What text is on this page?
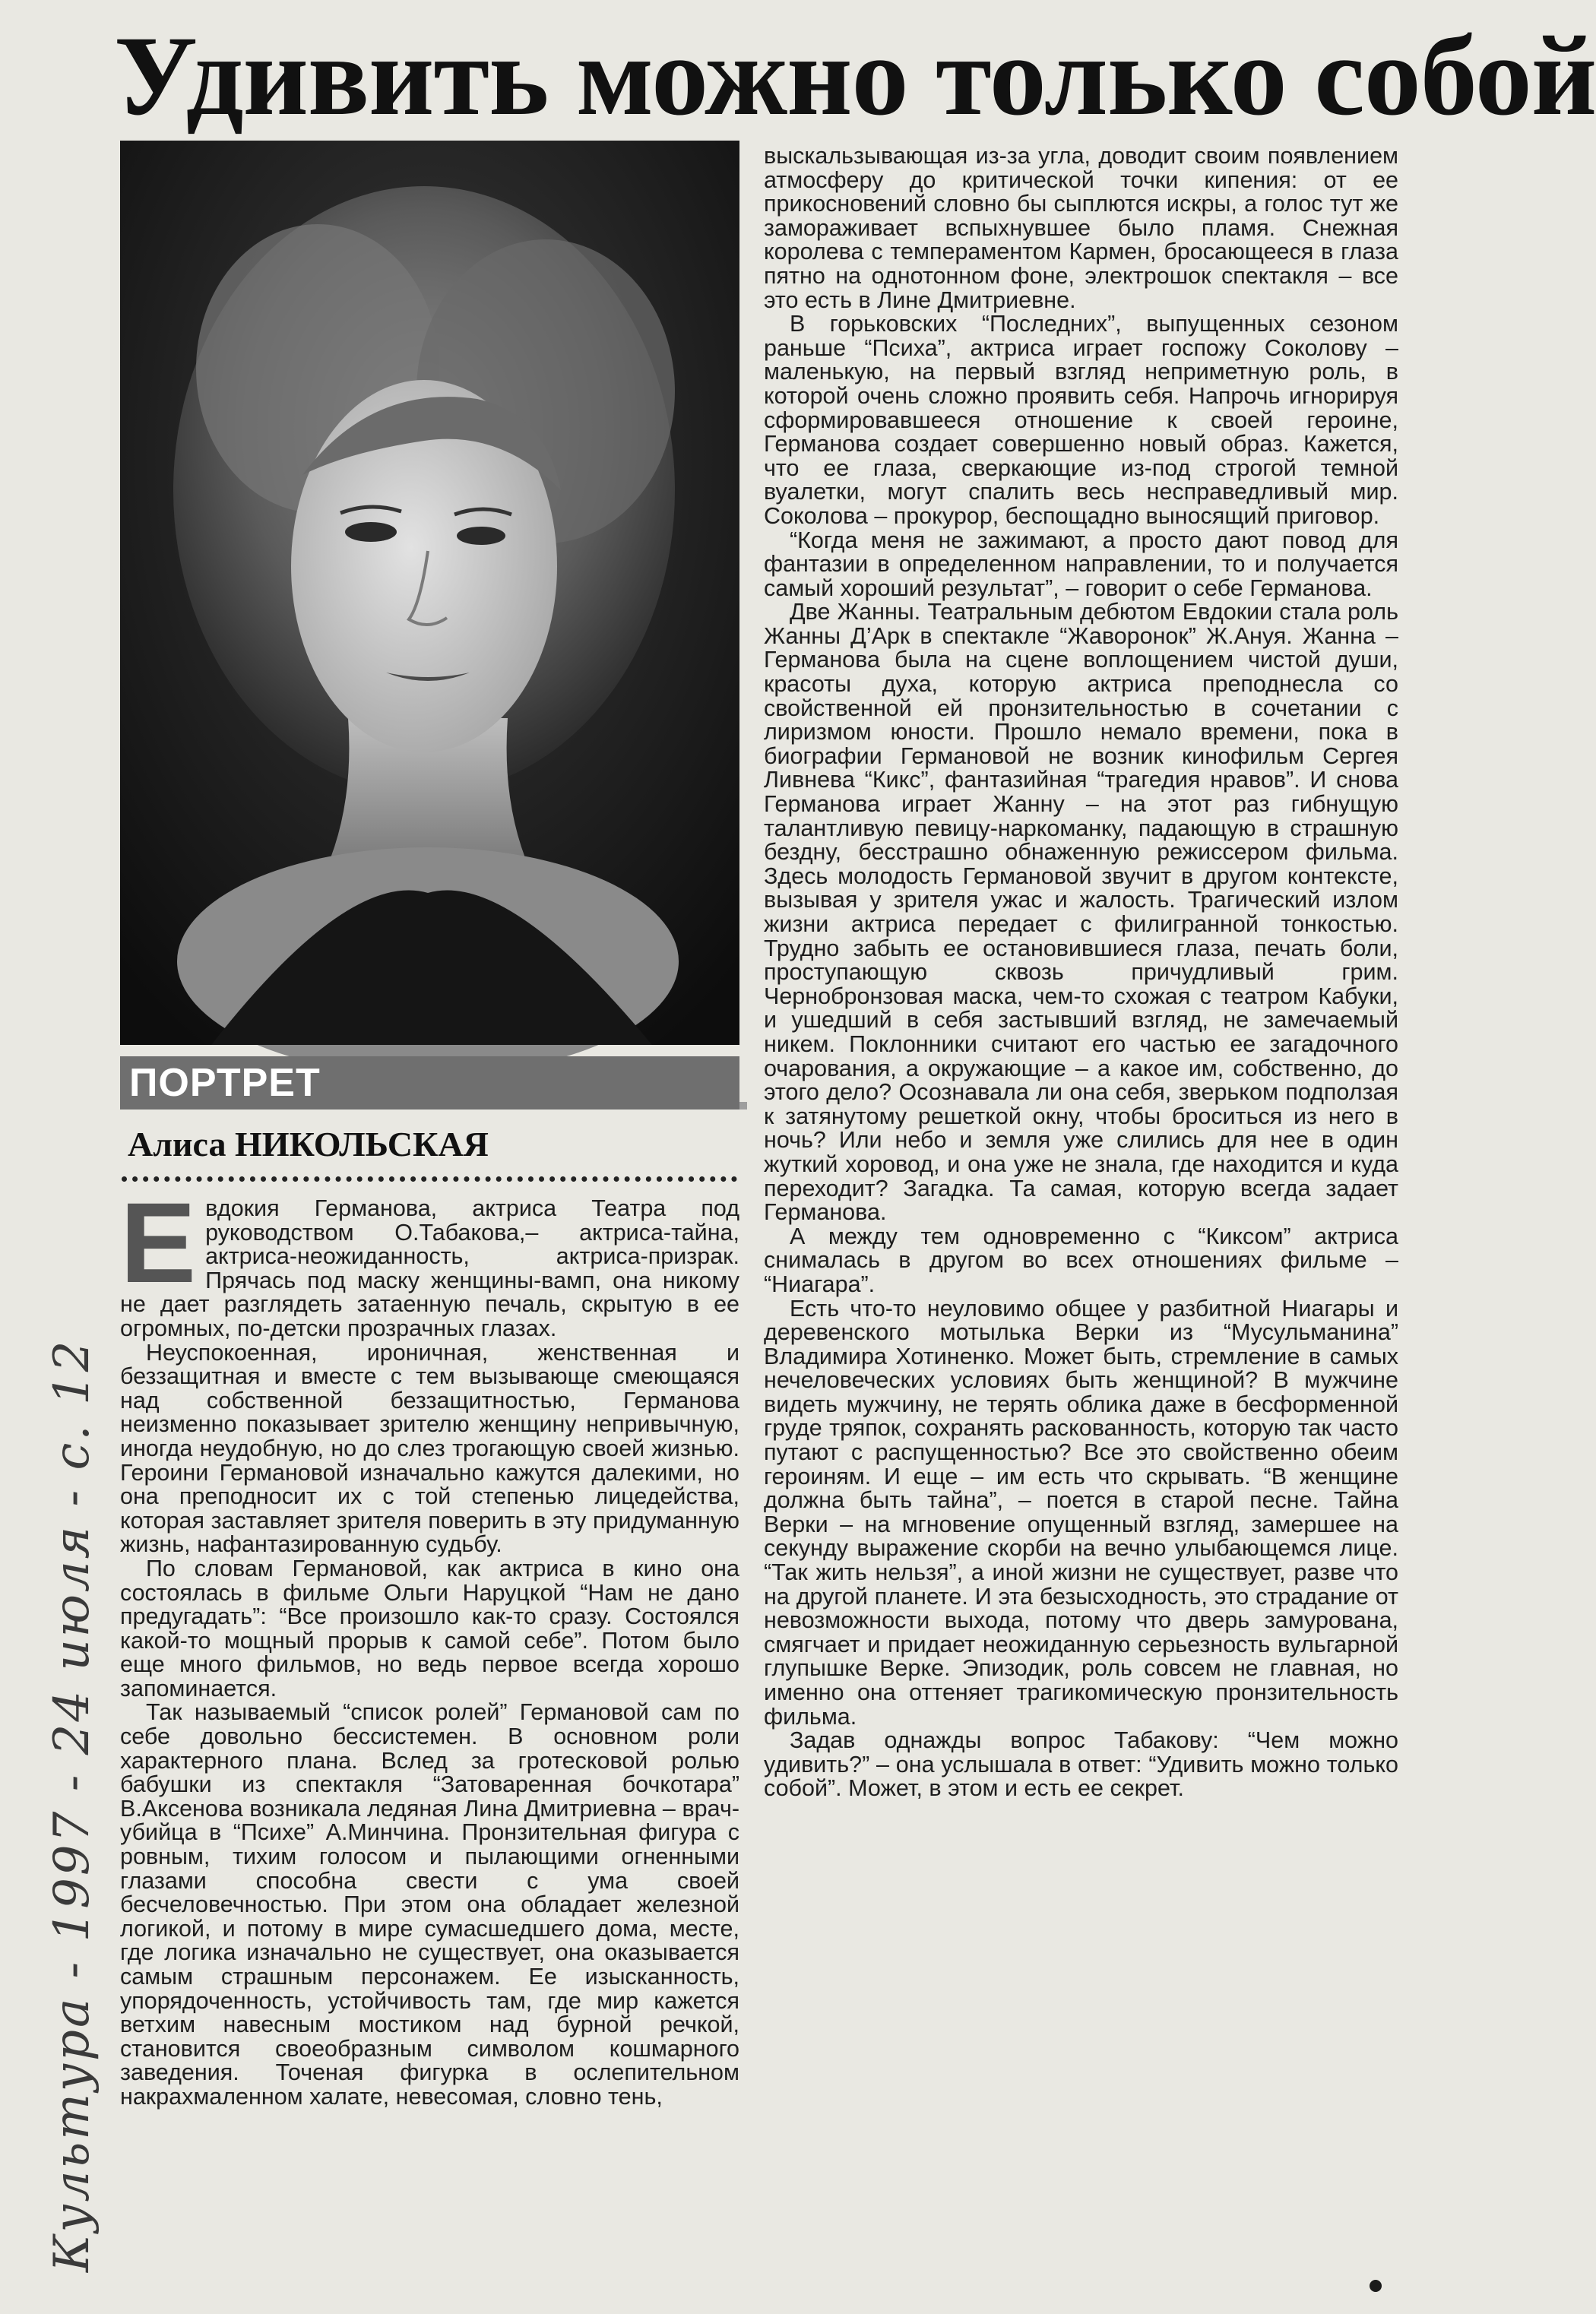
Удивить можно только собой
ПОРТРЕТ
Алиса НИКОЛЬСКАЯ

Евдокия Германова, актриса Театра под руководством О.Табакова,– актриса-тайна, актриса-неожиданность, актриса-призрак. Прячась под маску женщины-вамп, она никому не дает разглядеть затаенную печаль, скрытую в ее огромных, по-детски прозрачных глазах.

Неуспокоенная, ироничная, женственная и беззащитная и вместе с тем вызывающе смеющаяся над собственной беззащитностью, Германова неизменно показывает зрителю женщину непривычную, иногда неудобную, но до слез трогающую своей жизнью. Героини Германовой изначально кажутся далекими, но она преподносит их с той степенью лицедейства, которая заставляет зрителя поверить в эту придуманную жизнь, нафантазированную судьбу.

По словам Германовой, как актриса в кино она состоялась в фильме Ольги Наруцкой “Нам не дано предугадать”: “Все произошло как-то сразу. Состоялся какой-то мощный прорыв к самой себе”. Потом было еще много фильмов, но ведь первое всегда хорошо запоминается.

Так называемый “список ролей” Германовой сам по себе довольно бессистемен. В основном роли характерного плана. Вслед за гротесковой ролью бабушки из спектакля “Затоваренная бочкотара” В.Аксенова возникала ледяная Лина Дмитриевна – врач-убийца в “Психе” А.Минчина. Пронзительная фигура с ровным, тихим голосом и пылающими огненными глазами способна свести с ума своей бесчеловечностью. При этом она обладает железной логикой, и потому в мире сумасшедшего дома, месте, где логика изначально не существует, она оказывается самым страшным персонажем. Ее изысканность, упорядоченность, устойчивость там, где мир кажется ветхим навесным мостиком над бурной речкой, становится своеобразным символом кошмарного заведения. Точеная фигурка в ослепительном накрахмаленном халате, невесомая, словно тень,

выскальзывающая из-за угла, доводит своим появлением атмосферу до критической точки кипения: от ее прикосновений словно бы сыплются искры, а голос тут же замораживает вспыхнувшее было пламя. Снежная королева с темпераментом Кармен, бросающееся в глаза пятно на однотонном фоне, электрошок спектакля – все это есть в Лине Дмитриевне.

В горьковских “Последних”, выпущенных сезоном раньше “Психа”, актриса играет госпожу Соколову – маленькую, на первый взгляд неприметную роль, в которой очень сложно проявить себя. Напрочь игнорируя сформировавшееся отношение к своей героине, Германова создает совершенно новый образ. Кажется, что ее глаза, сверкающие из-под строгой темной вуалетки, могут спалить весь несправедливый мир. Соколова – прокурор, беспощадно выносящий приговор.

“Когда меня не зажимают, а просто дают повод для фантазии в определенном направлении, то и получается самый хороший результат”, – говорит о себе Германова.

Две Жанны. Театральным дебютом Евдокии стала роль Жанны Д’Арк в спектакле “Жаворонок” Ж.Ануя. Жанна – Германова была на сцене воплощением чистой души, красоты духа, которую актриса преподнесла со свойственной ей пронзительностью в сочетании с лиризмом юности. Прошло немало времени, пока в биографии Германовой не возник кинофильм Сергея Ливнева “Кикс”, фантазийная “трагедия нравов”. И снова Германова играет Жанну – на этот раз гибнущую талантливую певицу-наркоманку, падающую в страшную бездну, бесстрашно обнаженную режиссером фильма. Здесь молодость Германовой звучит в другом контексте, вызывая у зрителя ужас и жалость. Трагический излом жизни актриса передает с филигранной тонкостью. Трудно забыть ее остановившиеся глаза, печать боли, проступающую сквозь причудливый грим. Чернобронзовая маска, чем-то схожая с театром Кабуки, и ушедший в себя застывший взгляд, не замечаемый никем. Поклонники считают его частью ее загадочного очарования, а окружающие – а какое им, собственно, до этого дело? Осознавала ли она себя, зверьком подползая к затянутому решеткой окну, чтобы броситься из него в ночь? Или небо и земля уже слились для нее в один жуткий хоровод, и она уже не знала, где находится и куда переходит? Загадка. Та самая, которую всегда задает Германова.

А между тем одновременно с “Киксом” актриса снималась в другом во всех отношениях фильме – “Ниагара”.

Есть что-то неуловимо общее у разбитной Ниагары и деревенского мотылька Верки из “Мусульманина” Владимира Хотиненко. Может быть, стремление в самых нечеловеческих условиях быть женщиной? В мужчине видеть мужчину, не терять облика даже в бесформенной груде тряпок, сохранять раскованность, которую так часто путают с распущенностью? Все это свойственно обеим героиням. И еще – им есть что скрывать. “В женщине должна быть тайна”, – поется в старой песне. Тайна Верки – на мгновение опущенный взгляд, замершее на секунду выражение скорби на вечно улыбающемся лице. “Так жить нельзя”, а иной жизни не существует, разве что на другой планете. И эта безысходность, это страдание от невозможности выхода, потому что дверь замурована, смягчает и придает неожиданную серьезность вульгарной глупышке Верке. Эпизодик, роль совсем не главная, но именно она оттеняет трагикомическую пронзительность фильма.

Задав однажды вопрос Табакову: “Чем можно удивить?” – она услышала в ответ: “Удивить можно только собой”. Может, в этом и есть ее секрет.

Культура - 1997 - 24 июля - с. 12
